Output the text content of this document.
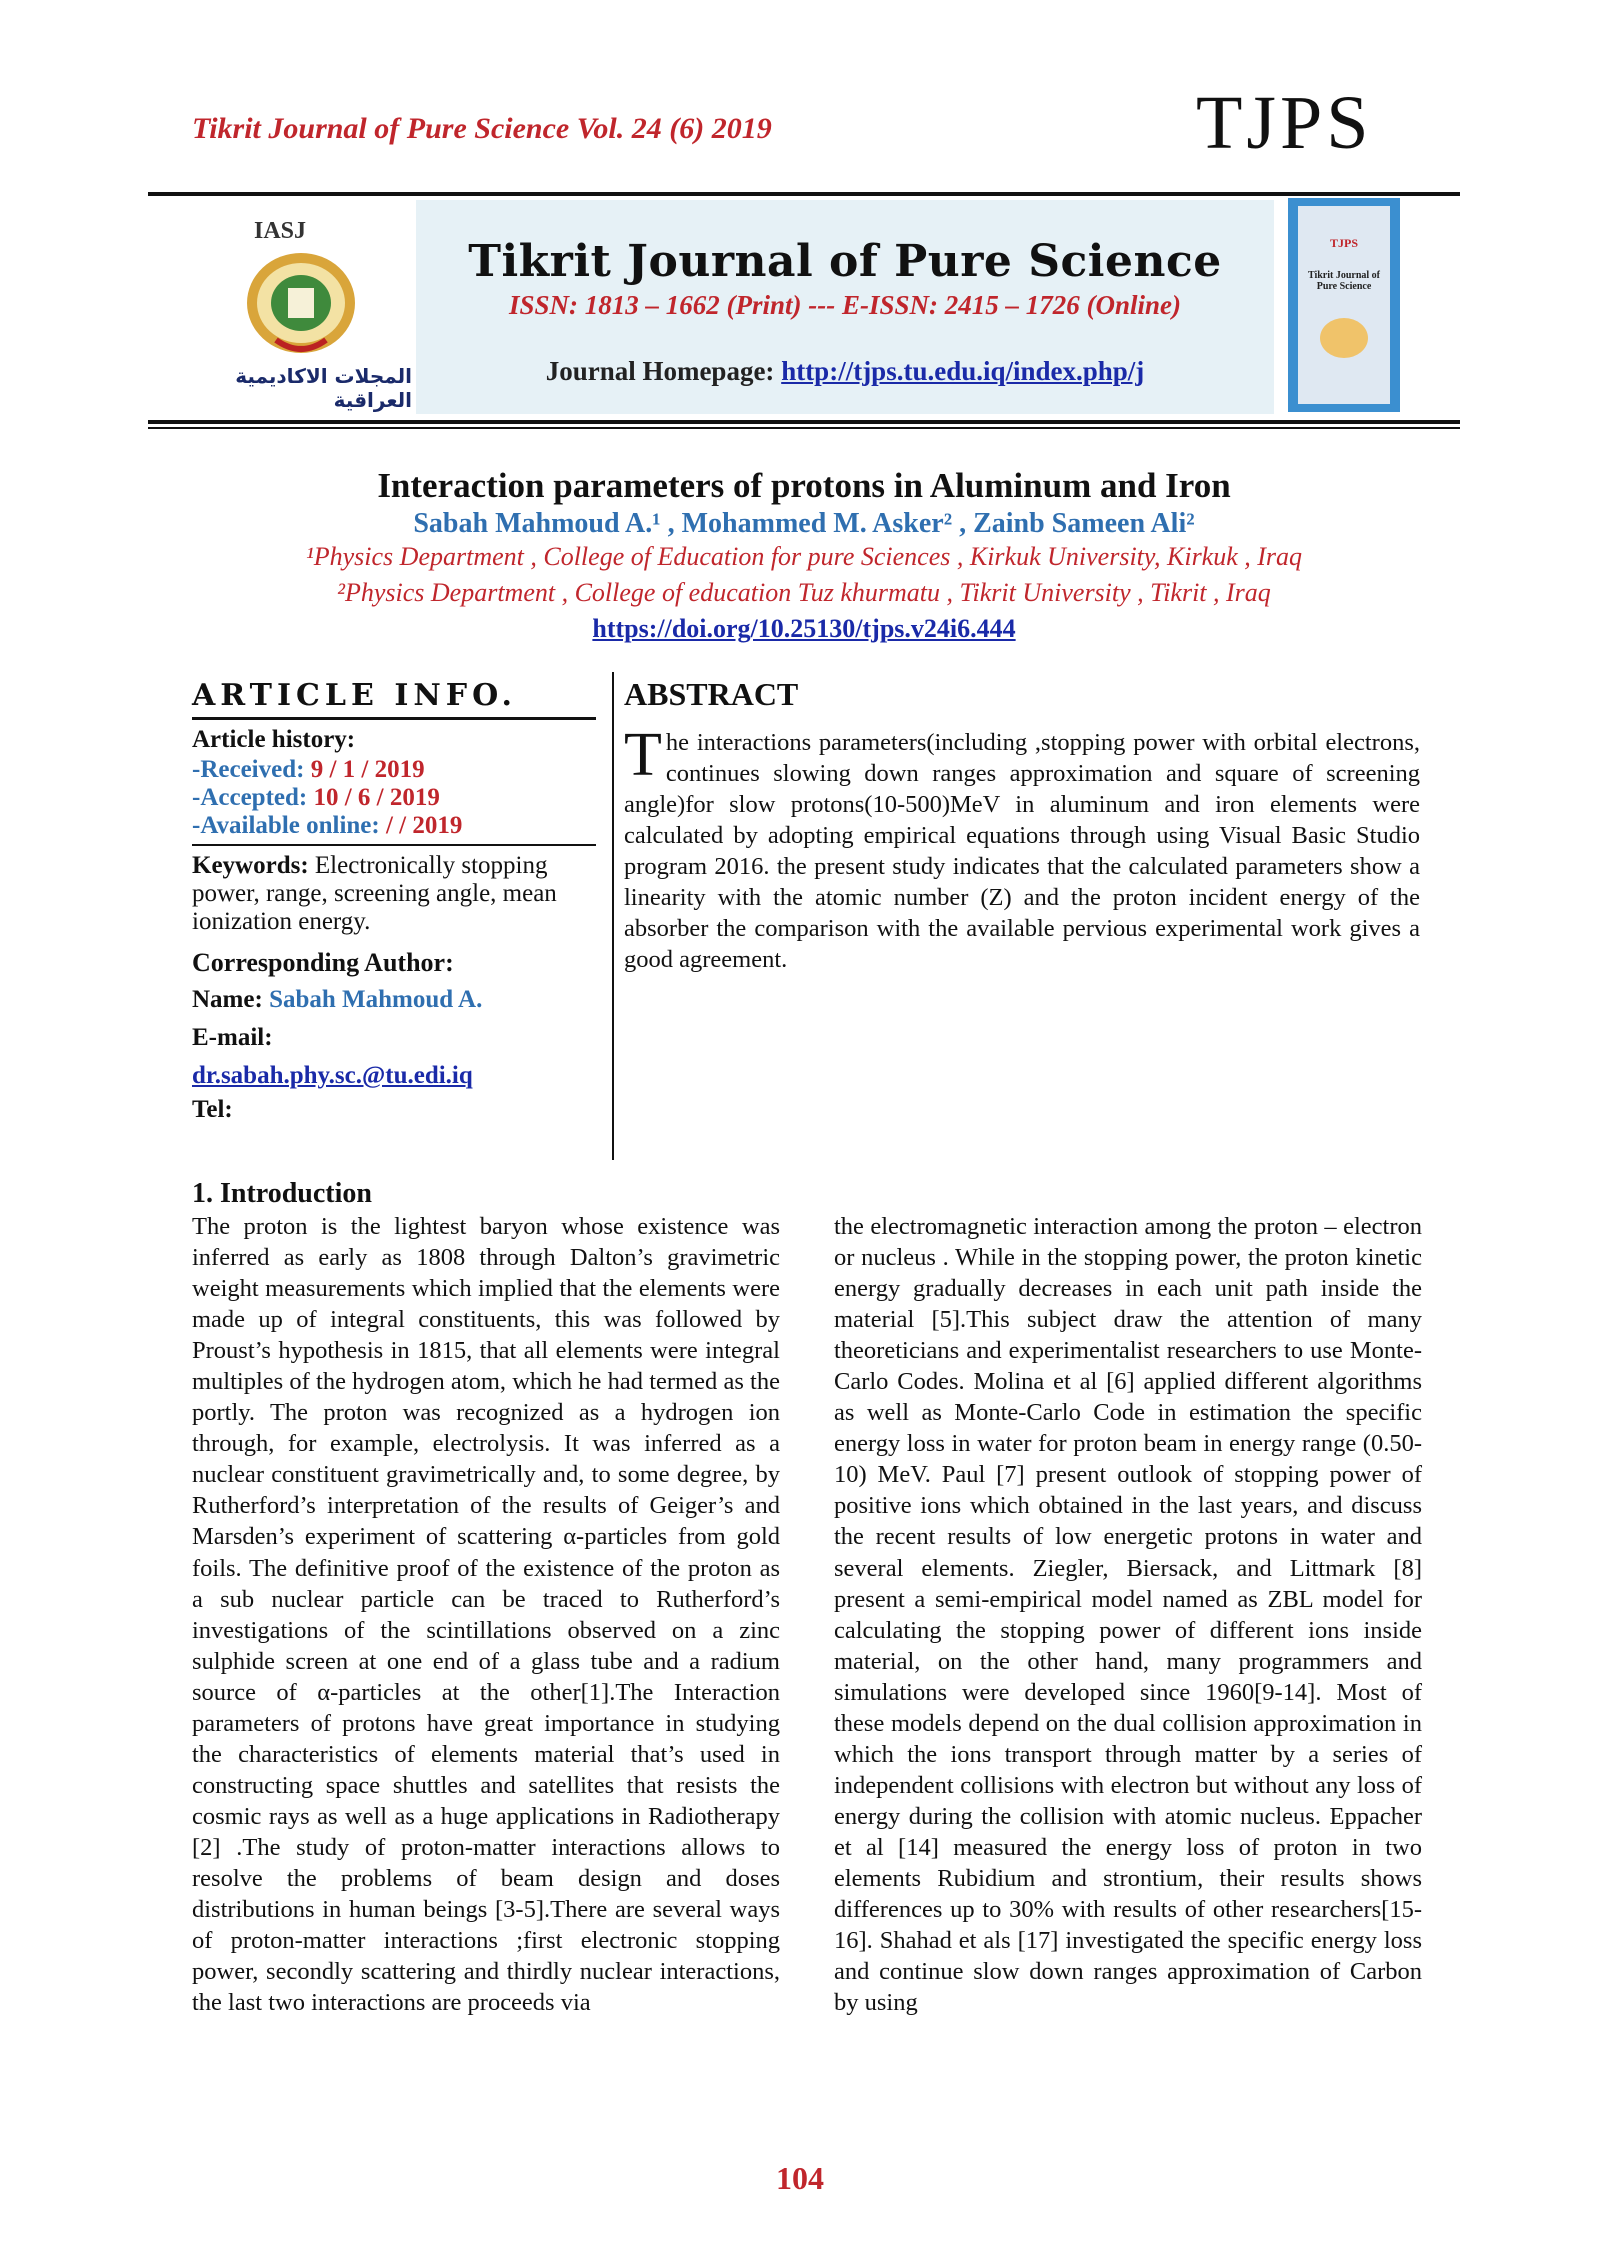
Tikrit Journal of Pure Science Vol. 24 (6) 2019	TJPS
IASJ
المجلات الاكاديمية العراقية
Tikrit Journal of Pure Science
ISSN: 1813 – 1662 (Print) --- E-ISSN: 2415 – 1726 (Online)
Journal Homepage: http://tjps.tu.edu.iq/index.php/j
TJPS
Tikrit Journal of Pure Science
Interaction parameters of protons in Aluminum and Iron
Sabah Mahmoud A.¹ , Mohammed M. Asker² , Zainb Sameen Ali²
¹Physics Department , College of Education for pure Sciences , Kirkuk University, Kirkuk , Iraq
²Physics Department , College of education Tuz khurmatu , Tikrit University , Tikrit , Iraq
https://doi.org/10.25130/tjps.v24i6.444
ARTICLE INFO.
Article history:
-Received: 9 / 1 / 2019
-Accepted: 10 / 6 / 2019
-Available online: / / 2019
Keywords: Electronically stopping power, range, screening angle, mean ionization energy.
Corresponding Author:
Name: Sabah Mahmoud A.
E-mail:
dr.sabah.phy.sc.@tu.edi.iq
Tel:
ABSTRACT
The interactions parameters(including ,stopping power with orbital electrons, continues slowing down ranges approximation and square of screening angle)for slow protons(10-500)MeV in aluminum and iron elements were calculated by adopting empirical equations through using Visual Basic Studio program 2016. the present study indicates that the calculated parameters show a linearity with the atomic number (Z) and the proton incident energy of the absorber the comparison with the available pervious experimental work gives a good agreement.
1. Introduction
The proton is the lightest baryon whose existence was inferred as early as 1808 through Dalton’s gravimetric weight measurements which implied that the elements were made up of integral constituents, this was followed by Proust’s hypothesis in 1815, that all elements were integral multiples of the hydrogen atom, which he had termed as the portly. The proton was recognized as a hydrogen ion through, for example, electrolysis. It was inferred as a nuclear constituent gravimetrically and, to some degree, by Rutherford’s interpretation of the results of Geiger’s and Marsden’s experiment of scattering α-particles from gold foils. The definitive proof of the existence of the proton as a sub nuclear particle can be traced to Rutherford’s investigations of the scintillations observed on a zinc sulphide screen at one end of a glass tube and a radium source of α-particles at the other[1].The Interaction parameters of protons have great importance in studying the characteristics of elements material that’s used in constructing space shuttles and satellites that resists the cosmic rays as well as a huge applications in Radiotherapy [2] .The study of proton-matter interactions allows to resolve the problems of beam design and doses distributions in human beings [3-5].There are several ways of proton-matter interactions ;first electronic stopping power, secondly scattering and thirdly nuclear interactions, the last two interactions are proceeds via
the electromagnetic interaction among the proton – electron or nucleus . While in the stopping power, the proton kinetic energy gradually decreases in each unit path inside the material [5].This subject draw the attention of many theoreticians and experimentalist researchers to use Monte-Carlo Codes. Molina et al [6] applied different algorithms as well as Monte-Carlo Code in estimation the specific energy loss in water for proton beam in energy range (0.50-10) MeV. Paul [7] present outlook of stopping power of positive ions which obtained in the last years, and discuss the recent results of low energetic protons in water and several elements. Ziegler, Biersack, and Littmark [8] present a semi-empirical model named as ZBL model for calculating the stopping power of different ions inside material, on the other hand, many programmers and simulations were developed since 1960[9-14]. Most of these models depend on the dual collision approximation in which the ions transport through matter by a series of independent collisions with electron but without any loss of energy during the collision with atomic nucleus. Eppacher et al [14] measured the energy loss of proton in two elements Rubidium and strontium, their results shows differences up to 30% with results of other researchers[15-16]. Shahad et als [17] investigated the specific energy loss and continue slow down ranges approximation of Carbon by using
104
